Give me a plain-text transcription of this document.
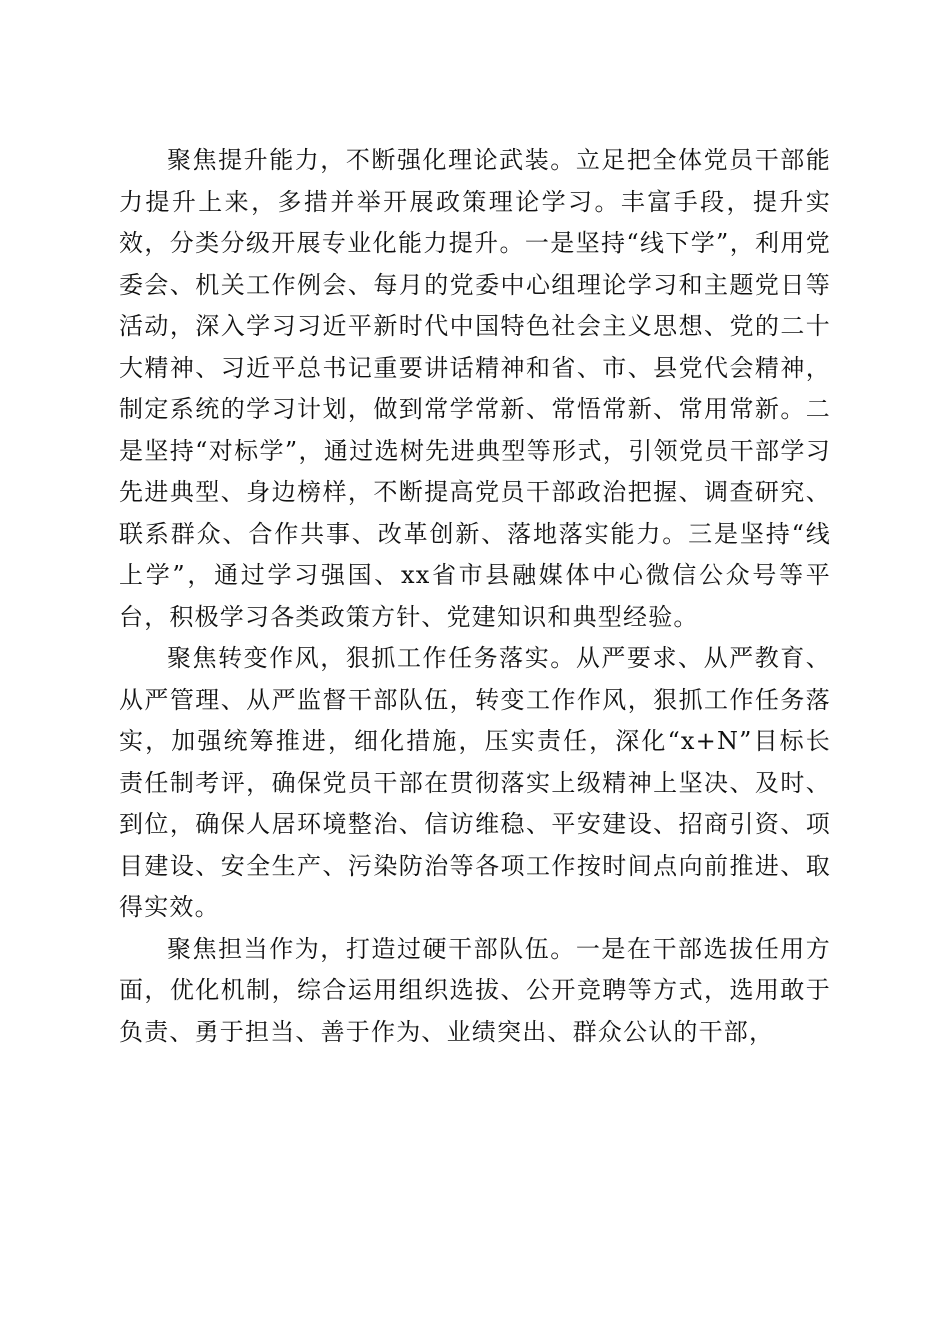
聚焦提升能力，不断强化理论武装。立足把全体党员干部能力提升上来，多措并举开展政策理论学习。丰富手段，提升实效，分类分级开展专业化能力提升。一是坚持“线下学”，利用党委会、机关工作例会、每月的党委中心组理论学习和主题党日等活动，深入学习习近平新时代中国特色社会主义思想、党的二十大精神、习近平总书记重要讲话精神和省、市、县党代会精神，制定系统的学习计划，做到常学常新、常悟常新、常用常新。二是坚持“对标学”，通过选树先进典型等形式，引领党员干部学习先进典型、身边榜样，不断提高党员干部政治把握、调查研究、联系群众、合作共事、改革创新、落地落实能力。三是坚持“线上学”，通过学习强国、xx省市县融媒体中心微信公众号等平台，积极学习各类政策方针、党建知识和典型经验。

聚焦转变作风，狠抓工作任务落实。从严要求、从严教育、从严管理、从严监督干部队伍，转变工作作风，狠抓工作任务落实，加强统筹推进，细化措施，压实责任，深化“x+N”目标长责任制考评，确保党员干部在贯彻落实上级精神上坚决、及时、到位，确保人居环境整治、信访维稳、平安建设、招商引资、项目建设、安全生产、污染防治等各项工作按时间点向前推进、取得实效。

聚焦担当作为，打造过硬干部队伍。一是在干部选拔任用方面，优化机制，综合运用组织选拔、公开竞聘等方式，选用敢于负责、勇于担当、善于作为、业绩突出、群众公认的干部，
